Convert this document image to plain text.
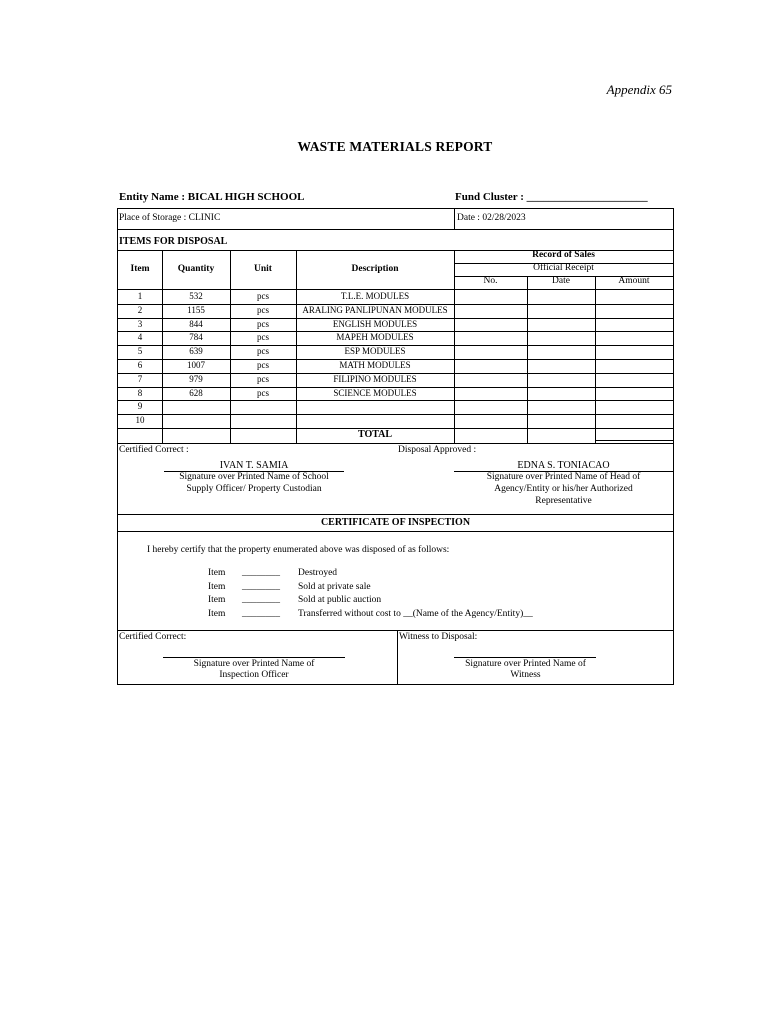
Appendix 65
WASTE MATERIALS REPORT
Entity Name : BICAL HIGH SCHOOL	Fund Cluster : ______________________
Place of Storage : CLINIC	Date : 02/28/2023
ITEMS FOR DISPOSAL
Item	Quantity	Unit	Description
Record of Sales
Official Receipt
No.	Date	Amount
1	532	pcs	T.L.E. MODULES
2	1155	pcs	ARALING PANLIPUNAN MODULES
3	844	pcs	ENGLISH MODULES
4	784	pcs	MAPEH MODULES
5	639	pcs	ESP MODULES
6	1007	pcs	MATH MODULES
7	979	pcs	FILIPINO MODULES
8	628	pcs	SCIENCE MODULES
9
10
TOTAL
Certified Correct :	Disposal Approved :
IVAN T. SAMIA
Signature over Printed Name of School
Supply Officer/ Property Custodian
EDNA S. TONIACAO
Signature over Printed Name of Head of
Agency/Entity or his/her Authorized
Representative
CERTIFICATE OF INSPECTION
I hereby certify that the property enumerated above was disposed of as follows:
Item ________ Destroyed
Item ________ Sold at private sale
Item ________ Sold at public auction
Item ________ Transferred without cost to __(Name of the Agency/Entity)__
Certified Correct:	Witness to Disposal:
Signature over Printed Name of
Inspection Officer
Signature over Printed Name of
Witness
